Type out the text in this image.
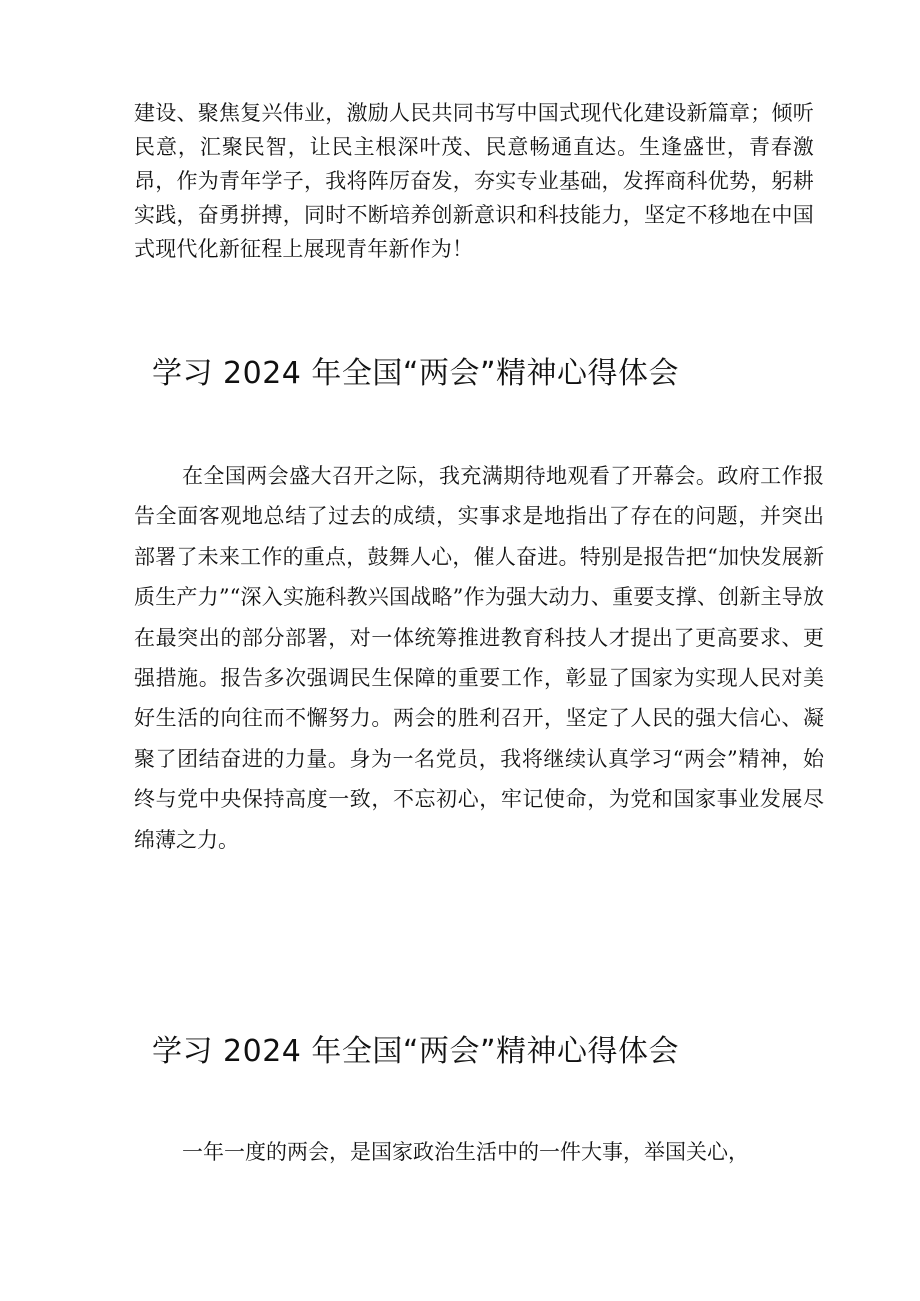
建设、聚焦复兴伟业，激励人民共同书写中国式现代化建设新篇章；倾听民意，汇聚民智，让民主根深叶茂、民意畅通直达。生逢盛世，青春激昂，作为青年学子，我将阵厉奋发，夯实专业基础，发挥商科优势，躬耕实践，奋勇拼搏，同时不断培养创新意识和科技能力，坚定不移地在中国式现代化新征程上展现青年新作为！

学习 2024 年全国“两会”精神心得体会

在全国两会盛大召开之际，我充满期待地观看了开幕会。政府工作报告全面客观地总结了过去的成绩，实事求是地指出了存在的问题，并突出部署了未来工作的重点，鼓舞人心，催人奋进。特别是报告把“加快发展新质生产力”“深入实施科教兴国战略”作为强大动力、重要支撑、创新主导放在最突出的部分部署，对一体统筹推进教育科技人才提出了更高要求、更强措施。报告多次强调民生保障的重要工作，彰显了国家为实现人民对美好生活的向往而不懈努力。两会的胜利召开，坚定了人民的强大信心、凝聚了团结奋进的力量。身为一名党员，我将继续认真学习“两会”精神，始终与党中央保持高度一致，不忘初心，牢记使命，为党和国家事业发展尽绵薄之力。

学习 2024 年全国“两会”精神心得体会

一年一度的两会，是国家政治生活中的一件大事，举国关心，
